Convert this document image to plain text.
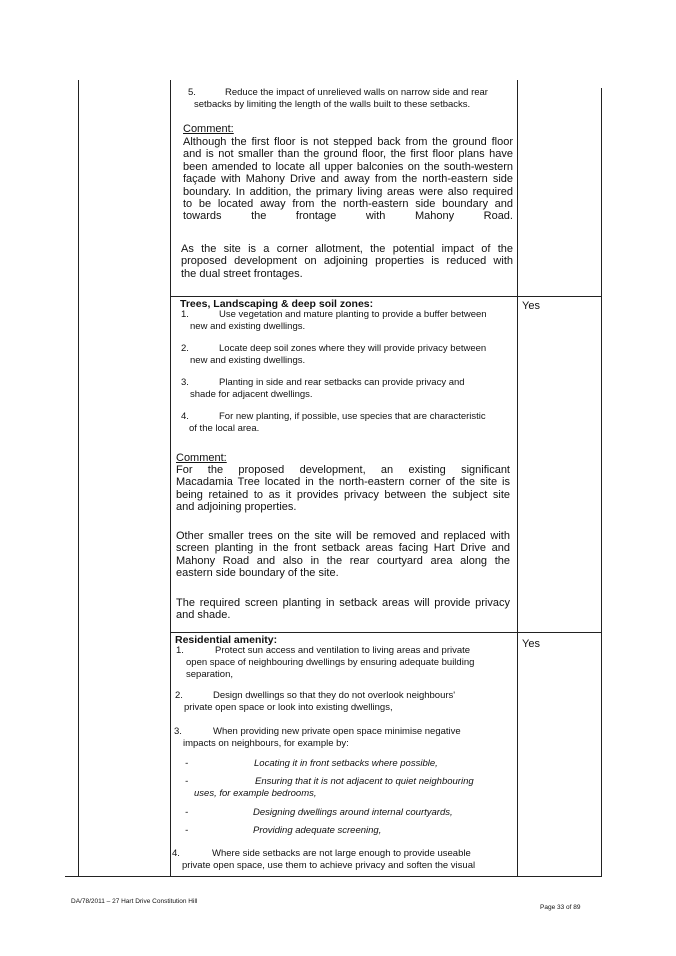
5.	Reduce the impact of unrelieved walls on narrow side and rear
setbacks by limiting the length of the walls built to these setbacks.
Comment:
Although the first floor is not stepped back from the ground floor
and is not smaller than the ground floor, the first floor plans have
been amended to locate all upper balconies on the south-western
façade with Mahony Drive and away from the north-eastern side
boundary. In addition, the primary living areas were also required
to be located away from the north-eastern side boundary and
towards the frontage with Mahony Road.
As the site is a corner allotment, the potential impact of the
proposed development on adjoining properties is reduced with
the dual street frontages.
Trees, Landscaping & deep soil zones:	Yes
1.	Use vegetation and mature planting to provide a buffer between
new and existing dwellings.
2.	Locate deep soil zones where they will provide privacy between
new and existing dwellings.
3.	Planting in side and rear setbacks can provide privacy and
shade for adjacent dwellings.
4.	For new planting, if possible, use species that are characteristic
of the local area.
Comment:
For the proposed development, an existing significant
Macadamia Tree located in the north-eastern corner of the site is
being retained to as it provides privacy between the subject site
and adjoining properties.
Other smaller trees on the site will be removed and replaced with
screen planting in the front setback areas facing Hart Drive and
Mahony Road and also in the rear courtyard area along the
eastern side boundary of the site.
The required screen planting in setback areas will provide privacy
and shade.
Residential amenity:	Yes
1.	Protect sun access and ventilation to living areas and private
open space of neighbouring dwellings by ensuring adequate building
separation,
2.	Design dwellings so that they do not overlook neighbours'
private open space or look into existing dwellings,
3.	When providing new private open space minimise negative
impacts on neighbours, for example by:
-	Locating it in front setbacks where possible,
-	Ensuring that it is not adjacent to quiet neighbouring
uses, for example bedrooms,
-	Designing dwellings around internal courtyards,
-	Providing adequate screening,
4.	Where side setbacks are not large enough to provide useable
private open space, use them to achieve privacy and soften the visual
DA/78/2011 – 27 Hart Drive Constitution Hill
Page 33 of 89
